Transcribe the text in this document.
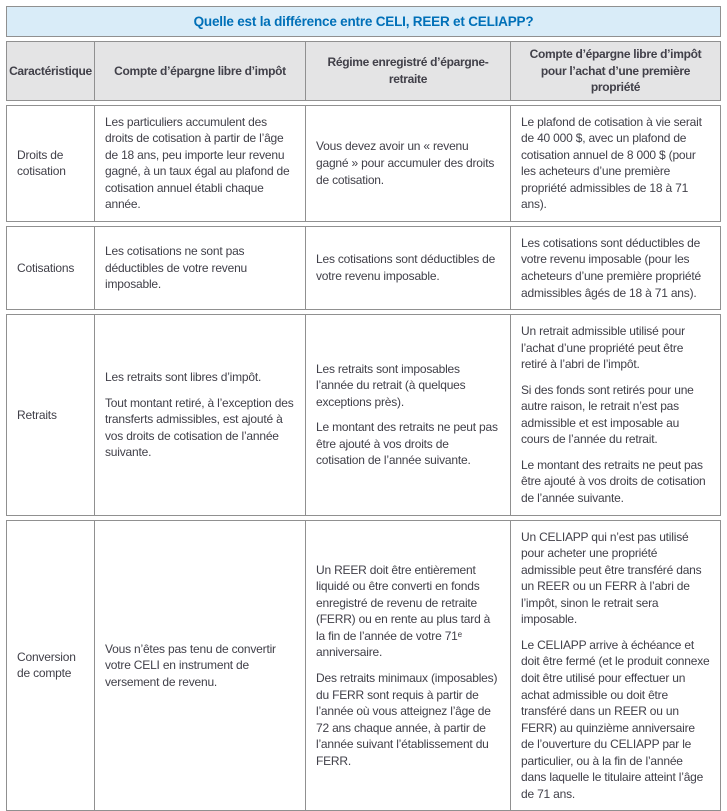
Quelle est la différence entre CELI, REER et CELIAPP?
Caractéristique	Compte d’épargne libre d’impôt
Régime enregistré d’épargne-retraite
Compte d’épargne libre d’impôt pour l’achat d’une première propriété
Droits de cotisation

Les particuliers accumulent des droits de cotisation à partir de l’âge de 18 ans, peu importe leur revenu gagné, à un taux égal au plafond de cotisation annuel établi chaque année.

Vous devez avoir un « revenu gagné » pour accumuler des droits de cotisation.

Le plafond de cotisation à vie serait de 40 000 $, avec un plafond de cotisation annuel de 8 000 $ (pour les acheteurs d’une première propriété admissibles de 18 à 71 ans).

Cotisations

Les cotisations ne sont pas déductibles de votre revenu imposable.

Les cotisations sont déductibles de votre revenu imposable.

Les cotisations sont déductibles de votre revenu imposable (pour les acheteurs d’une première propriété admissibles âgés de 18 à 71 ans).

Retraits

Les retraits sont libres d’impôt.

Tout montant retiré, à l’exception des transferts admissibles, est ajouté à vos droits de cotisation de l’année suivante.

Les retraits sont imposables l’année du retrait (à quelques exceptions près).

Le montant des retraits ne peut pas être ajouté à vos droits de cotisation de l’année suivante.

Un retrait admissible utilisé pour l’achat d’une propriété peut être retiré à l’abri de l’impôt.

Si des fonds sont retirés pour une autre raison, le retrait n’est pas admissible et est imposable au cours de l’année du retrait.

Le montant des retraits ne peut pas être ajouté à vos droits de cotisation de l’année suivante.

Conversion de compte

Vous n’êtes pas tenu de convertir votre CELI en instrument de versement de revenu.

Un REER doit être entièrement liquidé ou être converti en fonds enregistré de revenu de retraite (FERR) ou en rente au plus tard à la fin de l’année de votre 71ᵉ anniversaire.

Des retraits minimaux (imposables) du FERR sont requis à partir de l’année où vous atteignez l’âge de 72 ans chaque année, à partir de l’année suivant l’établissement du FERR.

Un CELIAPP qui n’est pas utilisé pour acheter une propriété admissible peut être transféré dans un REER ou un FERR à l’abri de l’impôt, sinon le retrait sera imposable.

Le CELIAPP arrive à échéance et doit être fermé (et le produit connexe doit être utilisé pour effectuer un achat admissible ou doit être transféré dans un REER ou un FERR) au quinzième anniversaire de l’ouverture du CELIAPP par le particulier, ou à la fin de l’année dans laquelle le titulaire atteint l’âge de 71 ans.
